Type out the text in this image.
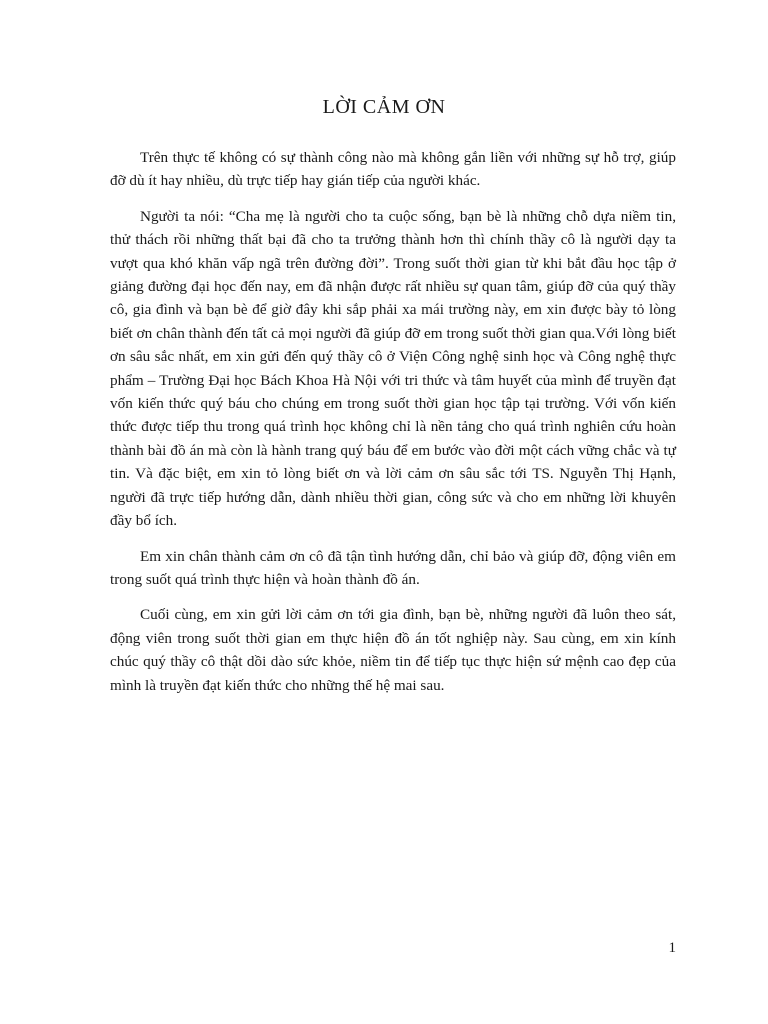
LỜI CẢM ƠN

Trên thực tế không có sự thành công nào mà không gắn liền với những sự hỗ trợ, giúp đỡ dù ít hay nhiều, dù trực tiếp hay gián tiếp của người khác.

Người ta nói: “Cha mẹ là người cho ta cuộc sống, bạn bè là những chỗ dựa niềm tin, thử thách rồi những thất bại đã cho ta trưởng thành hơn thì chính thầy cô là người dạy ta vượt qua khó khăn vấp ngã trên đường đời”. Trong suốt thời gian từ khi bắt đầu học tập ở giảng đường đại học đến nay, em đã nhận được rất nhiều sự quan tâm, giúp đỡ của quý thầy cô, gia đình và bạn bè để giờ đây khi sắp phải xa mái trường này, em xin được bày tỏ lòng biết ơn chân thành đến tất cả mọi người đã giúp đỡ em trong suốt thời gian qua.Với lòng biết ơn sâu sắc nhất, em xin gửi đến quý thầy cô ở Viện Công nghệ sinh học và Công nghệ thực phẩm – Trường Đại học Bách Khoa Hà Nội với tri thức và tâm huyết của mình để truyền đạt vốn kiến thức quý báu cho chúng em trong suốt thời gian học tập tại trường. Với vốn kiến thức được tiếp thu trong quá trình học không chỉ là nền tảng cho quá trình nghiên cứu hoàn thành bài đồ án mà còn là hành trang quý báu để em bước vào đời một cách vững chắc và tự tin. Và đặc biệt, em xin tỏ lòng biết ơn và lời cảm ơn sâu sắc tới TS. Nguyễn Thị Hạnh, người đã trực tiếp hướng dẫn, dành nhiều thời gian, công sức và cho em những lời khuyên đầy bổ ích.

Em xin chân thành cảm ơn cô đã tận tình hướng dẫn, chỉ bảo và giúp đỡ, động viên em trong suốt quá trình thực hiện và hoàn thành đồ án.

Cuối cùng, em xin gửi lời cảm ơn tới gia đình, bạn bè, những người đã luôn theo sát, động viên trong suốt thời gian em thực hiện đồ án tốt nghiệp này. Sau cùng, em xin kính chúc quý thầy cô thật dồi dào sức khỏe, niềm tin để tiếp tục thực hiện sứ mệnh cao đẹp của mình là truyền đạt kiến thức cho những thế hệ mai sau.

1
